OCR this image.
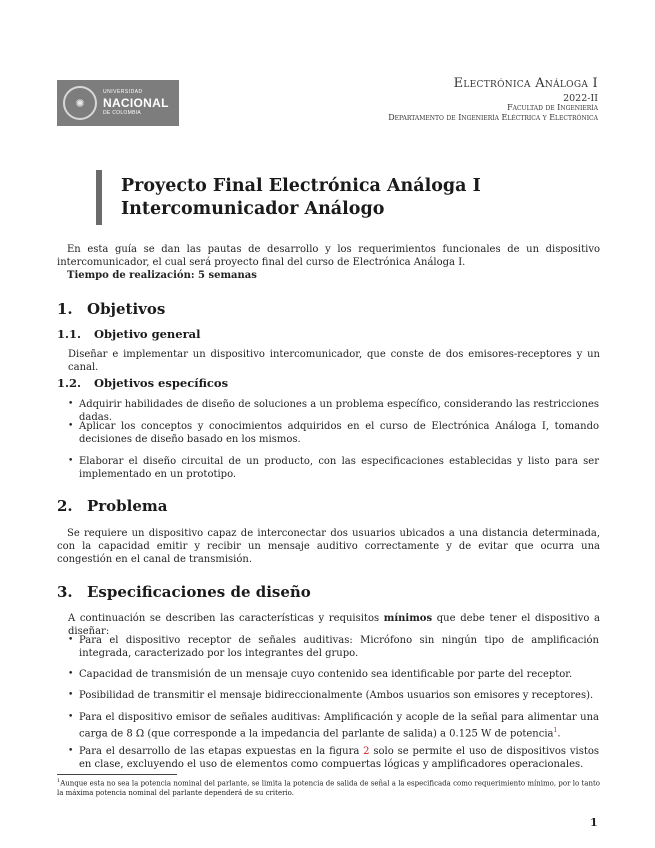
✺
UNIVERSIDAD
NACIONAL
DE COLOMBIA
Electrónica Análoga I
2022-II
Facultad de Ingeniería
Departamento de Ingeniería Eléctrica y Electrónica
Proyecto Final Electrónica Análoga I
Intercomunicador Análogo
En esta guía se dan las pautas de desarrollo y los requerimientos funcionales de un dispositivo intercomunicador, el cual será proyecto final del curso de Electrónica Análoga I.
Tiempo de realización: 5 semanas
1. Objetivos
1.1. Objetivo general
Diseñar e implementar un dispositivo intercomunicador, que conste de dos emisores-receptores y un canal.
1.2. Objetivos específicos
• Adquirir habilidades de diseño de soluciones a un problema específico, considerando las restricciones dadas.
• Aplicar los conceptos y conocimientos adquiridos en el curso de Electrónica Análoga I, tomando decisiones de diseño basado en los mismos.
• Elaborar el diseño circuital de un producto, con las especificaciones establecidas y listo para ser implementado en un prototipo.
2. Problema
Se requiere un dispositivo capaz de interconectar dos usuarios ubicados a una distancia determinada, con la capacidad emitir y recibir un mensaje auditivo correctamente y de evitar que ocurra una congestión en el canal de transmisión.
3. Especificaciones de diseño
A continuación se describen las características y requisitos mínimos que debe tener el dispositivo a diseñar:
• Para el dispositivo receptor de señales auditivas: Micrófono sin ningún tipo de amplificación integrada, caracterizado por los integrantes del grupo.
• Capacidad de transmisión de un mensaje cuyo contenido sea identificable por parte del receptor.
• Posibilidad de transmitir el mensaje bidireccionalmente (Ambos usuarios son emisores y receptores).
• Para el dispositivo emisor de señales auditivas: Amplificación y acople de la señal para alimentar una carga de 8 Ω (que corresponde a la impedancia del parlante de salida) a 0.125 W de potencia$^1$.
• Para el desarrollo de las etapas expuestas en la figura 2 solo se permite el uso de dispositivos vistos en clase, excluyendo el uso de elementos como compuertas lógicas y amplificadores operacionales.
$^1$Aunque esta no sea la potencia nominal del parlante, se limita la potencia de salida de señal a la especificada como requerimiento mínimo, por lo tanto la máxima potencia nominal del parlante dependerá de su criterio.
1
